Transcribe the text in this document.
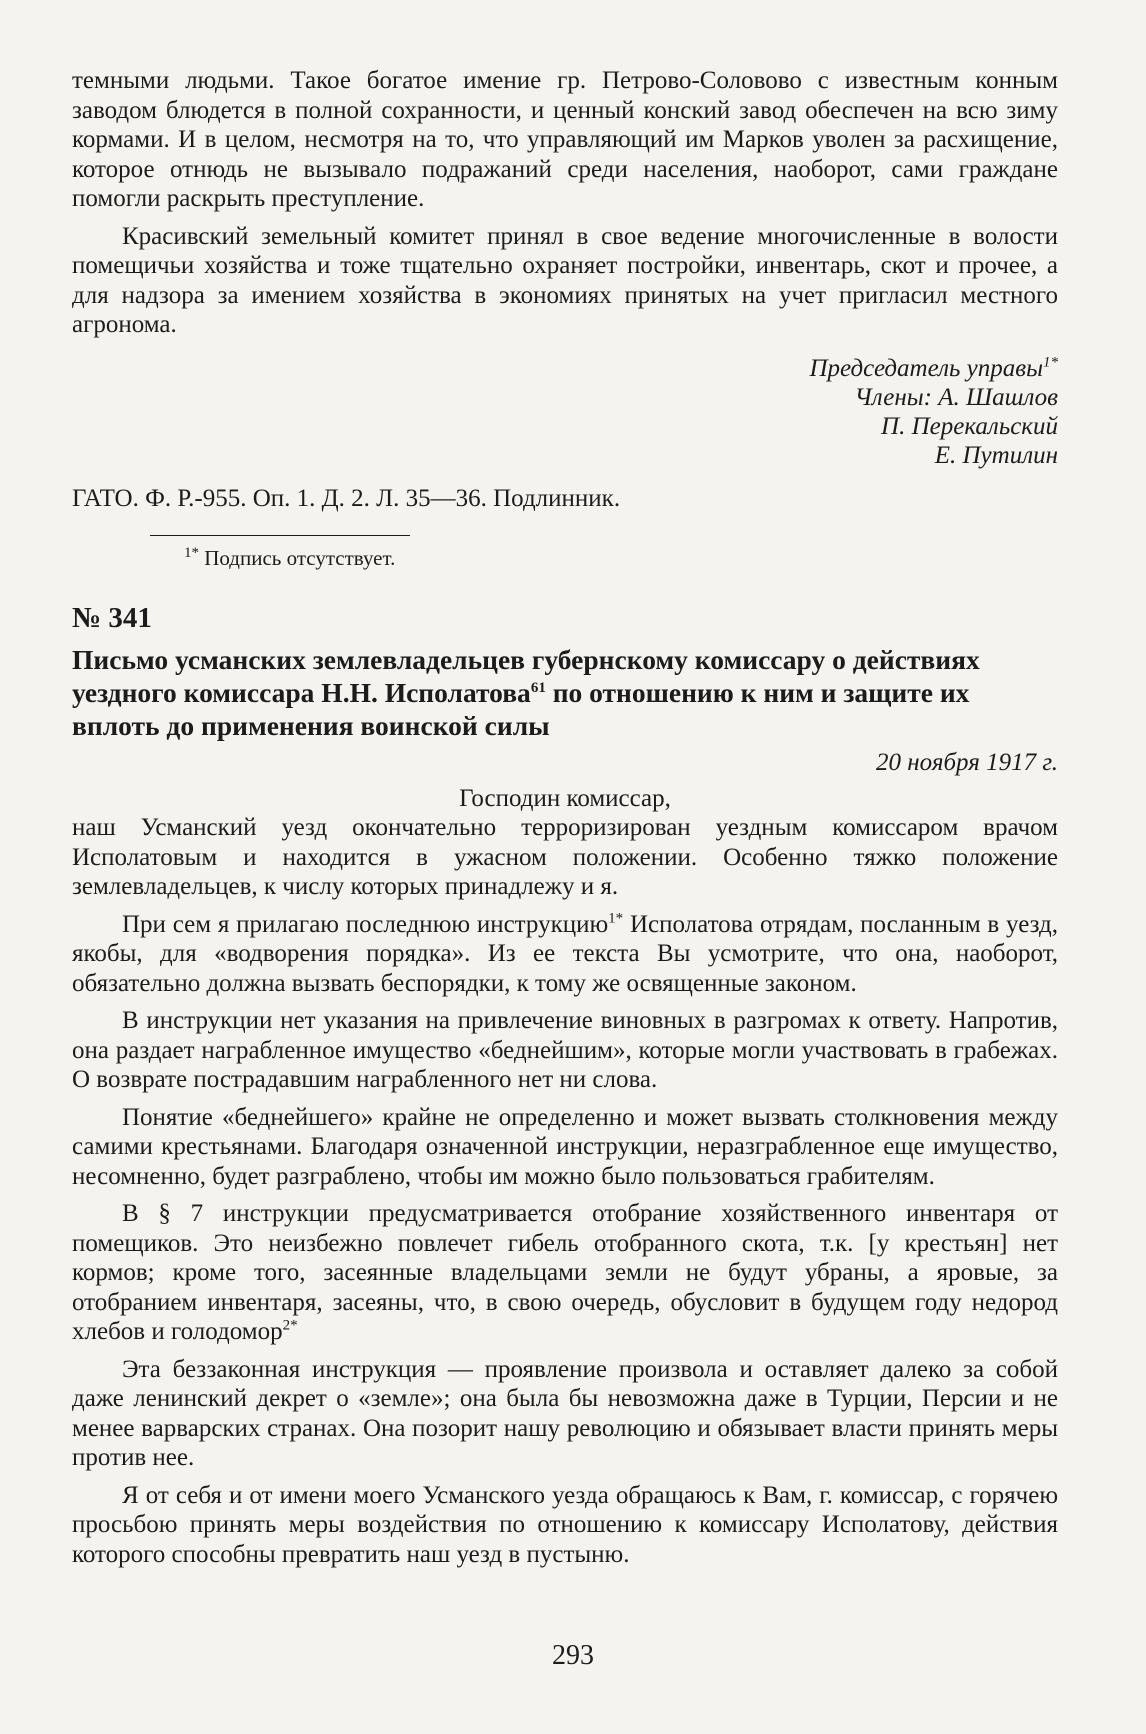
темными людьми. Такое богатое имение гр. Петрово-Соловово с известным конным заводом блюдется в полной сохранности, и ценный конский завод обеспечен на всю зиму кормами. И в целом, несмотря на то, что управляющий им Марков уволен за расхищение, которое отнюдь не вызывало подражаний среди населения, наоборот, сами граждане помогли раскрыть преступление.

Красивский земельный комитет принял в свое ведение многочисленные в волости помещичьи хозяйства и тоже тщательно охраняет постройки, инвентарь, скот и прочее, а для надзора за имением хозяйства в экономиях принятых на учет пригласил местного агронома.

Председатель управы$^{1*}$
Члены: А. Шашлов
П. Перекальский
Е. Путилин

ГАТО. Ф. Р.-955. Оп. 1. Д. 2. Л. 35—36. Подлинник.

$^{1*}$ Подпись отсутствует.
№ 341
Письмо усманских землевладельцев губернскому комиссару о действиях уездного комиссара Н.Н. Исполатова$^{61}$ по отношению к ним и защите их вплоть до применения воинской силы
20 ноября 1917 г.
Господин комиссар,

наш Усманский уезд окончательно терроризирован уездным комиссаром врачом Исполатовым и находится в ужасном положении. Особенно тяжко положение землевладельцев, к числу которых принадлежу и я.

При сем я прилагаю последнюю инструкцию$^{1*}$ Исполатова отрядам, посланным в уезд, якобы, для «водворения порядка». Из ее текста Вы усмотрите, что она, наоборот, обязательно должна вызвать беспорядки, к тому же освященные законом.

В инструкции нет указания на привлечение виновных в разгромах к ответу. Напротив, она раздает награбленное имущество «беднейшим», которые могли участвовать в грабежах. О возврате пострадавшим награбленного нет ни слова.

Понятие «беднейшего» крайне не определенно и может вызвать столкновения между самими крестьянами. Благодаря означенной инструкции, неразграбленное еще имущество, несомненно, будет разграблено, чтобы им можно было пользоваться грабителям.

В § 7 инструкции предусматривается отобрание хозяйственного инвентаря от помещиков. Это неизбежно повлечет гибель отобранного скота, т.к. [у крестьян] нет кормов; кроме того, засеянные владельцами земли не будут убраны, а яровые, за отобранием инвентаря, засеяны, что, в свою очередь, обусловит в будущем году недород хлебов и голодомор$^{2*}$

Эта беззаконная инструкция — проявление произвола и оставляет далеко за собой даже ленинский декрет о «земле»; она была бы невозможна даже в Турции, Персии и не менее варварских странах. Она позорит нашу революцию и обязывает власти принять меры против нее.

Я от себя и от имени моего Усманского уезда обращаюсь к Вам, г. комиссар, с горячею просьбою принять меры воздействия по отношению к комиссару Исполатову, действия которого способны превратить наш уезд в пустыню.

293
